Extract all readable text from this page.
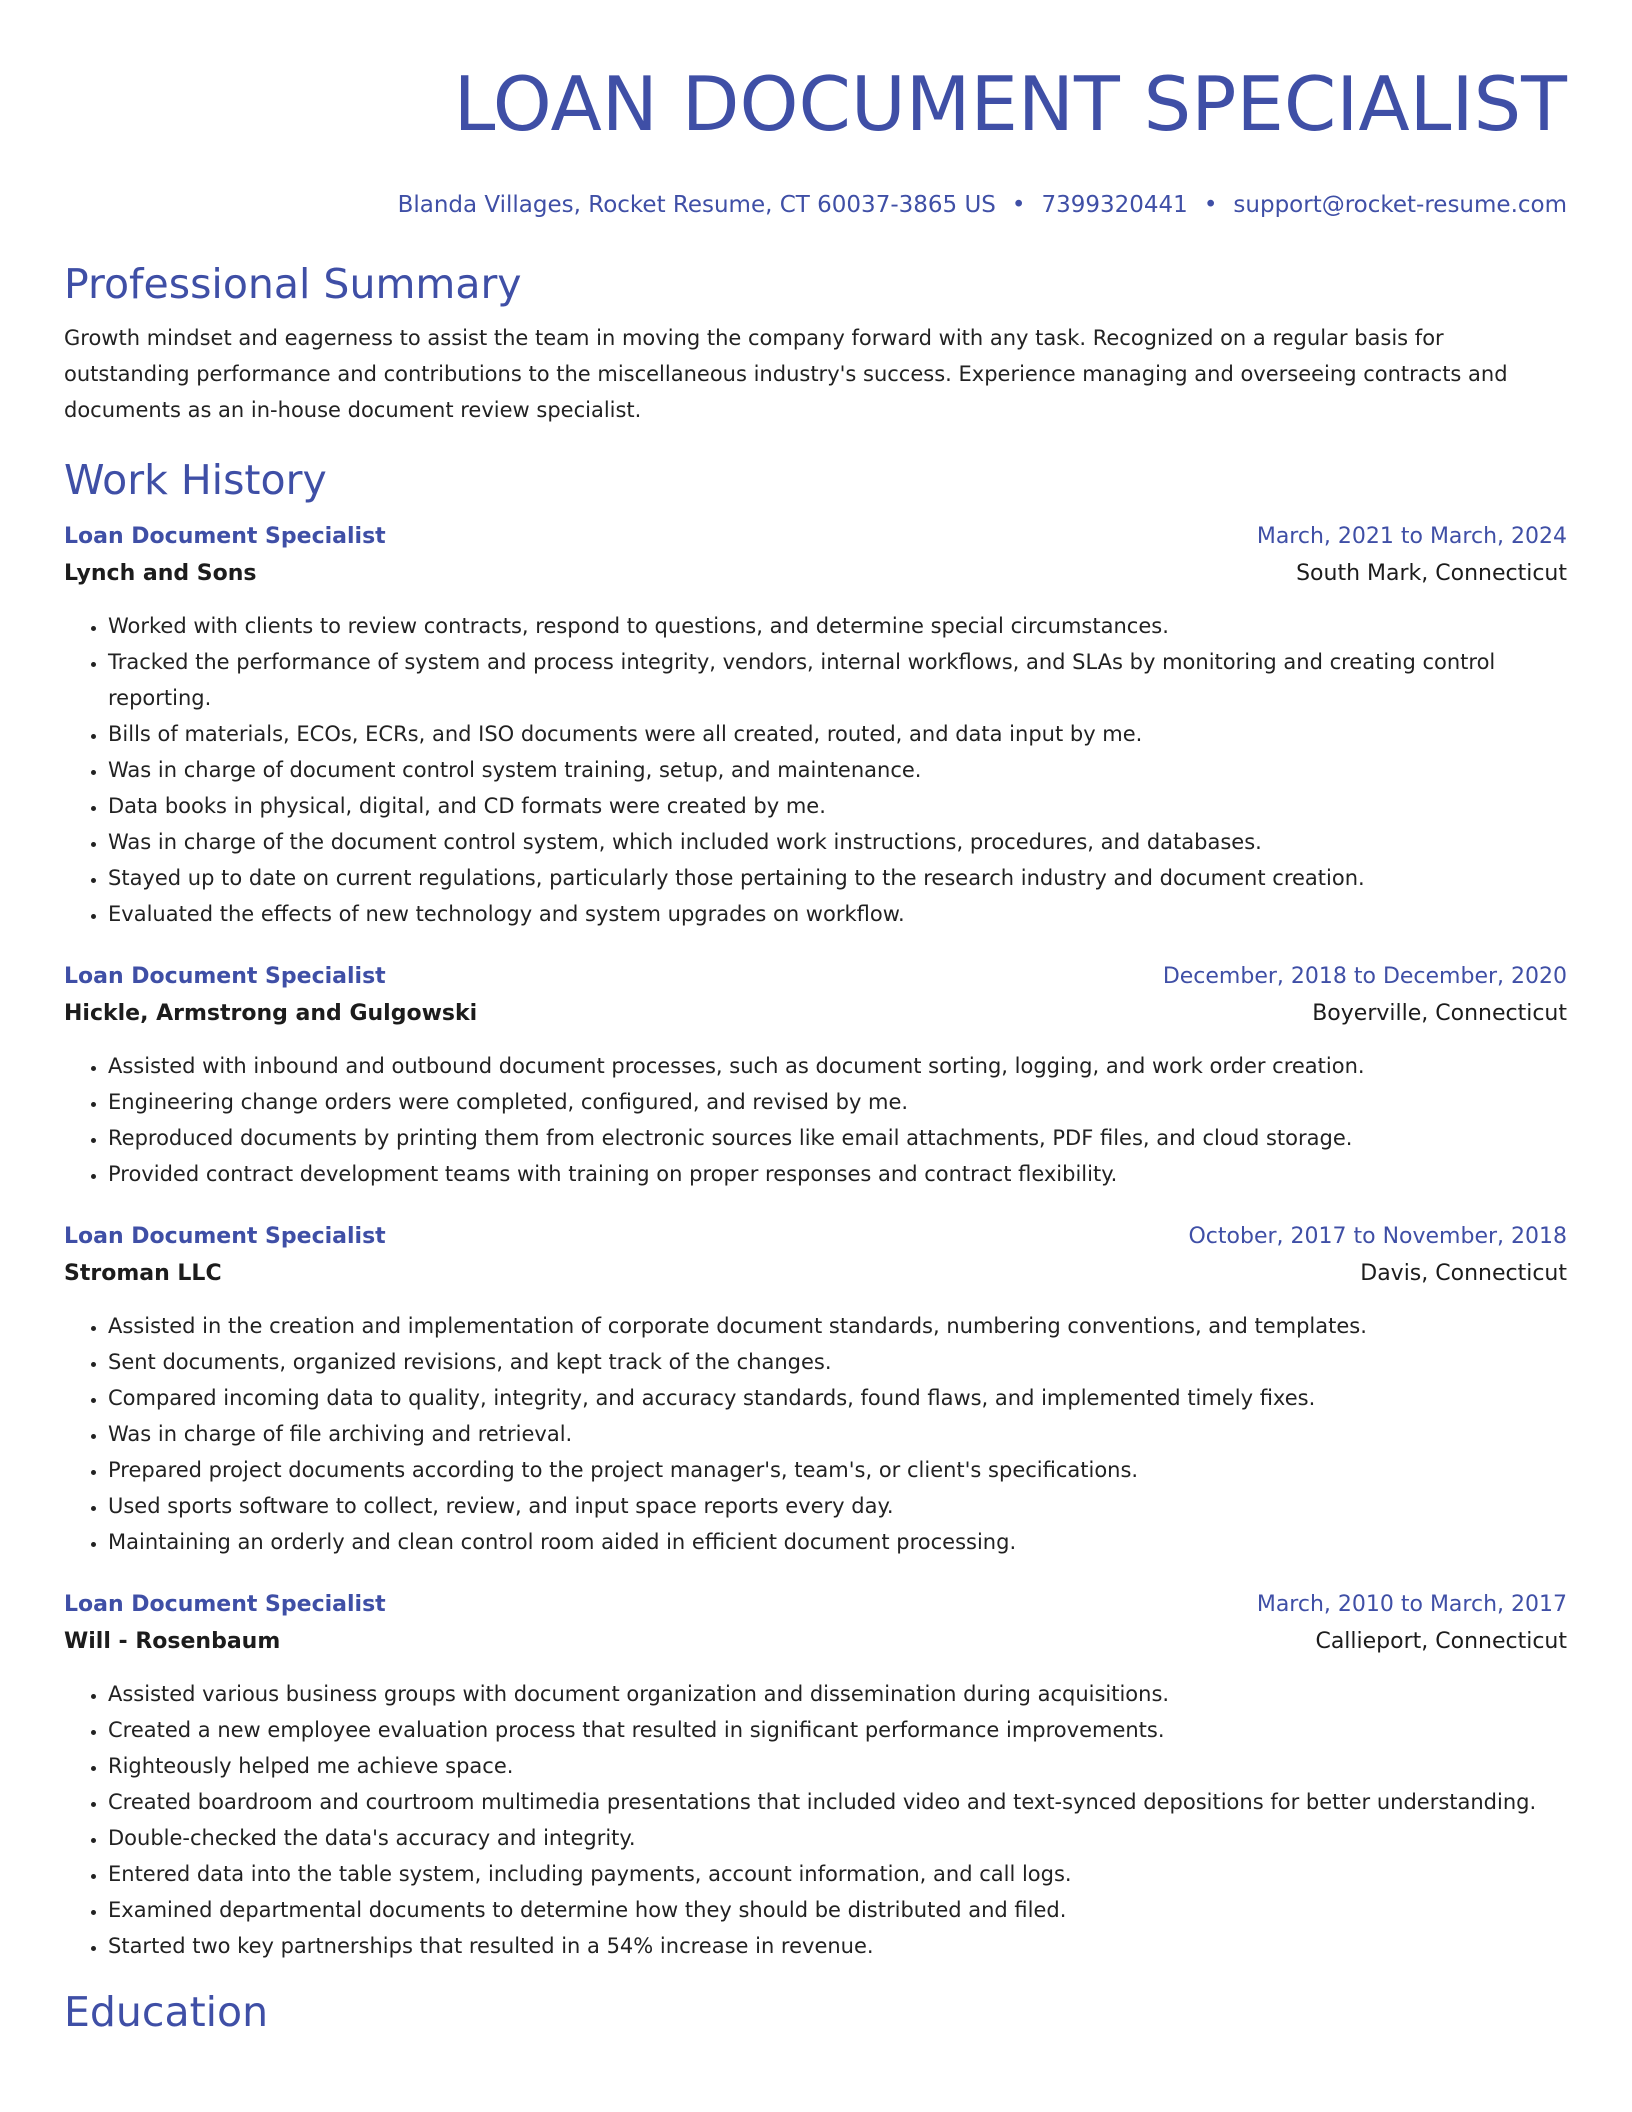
LOAN DOCUMENT SPECIALIST
Blanda Villages, Rocket Resume, CT 60037-3865 US • 7399320441 • support@rocket-resume.com
Professional Summary
Growth mindset and eagerness to assist the team in moving the company forward with any task. Recognized on a regular basis for outstanding performance and contributions to the miscellaneous industry's success. Experience managing and overseeing contracts and documents as an in-house document review specialist.
Work History
Loan Document Specialist	March, 2021 to March, 2024
Lynch and Sons	South Mark, Connecticut
• Worked with clients to review contracts, respond to questions, and determine special circumstances.
• Tracked the performance of system and process integrity, vendors, internal workflows, and SLAs by monitoring and creating control reporting.
• Bills of materials, ECOs, ECRs, and ISO documents were all created, routed, and data input by me.
• Was in charge of document control system training, setup, and maintenance.
• Data books in physical, digital, and CD formats were created by me.
• Was in charge of the document control system, which included work instructions, procedures, and databases.
• Stayed up to date on current regulations, particularly those pertaining to the research industry and document creation.
• Evaluated the effects of new technology and system upgrades on workflow.
Loan Document Specialist	December, 2018 to December, 2020
Hickle, Armstrong and Gulgowski	Boyerville, Connecticut
• Assisted with inbound and outbound document processes, such as document sorting, logging, and work order creation.
• Engineering change orders were completed, configured, and revised by me.
• Reproduced documents by printing them from electronic sources like email attachments, PDF files, and cloud storage.
• Provided contract development teams with training on proper responses and contract flexibility.
Loan Document Specialist	October, 2017 to November, 2018
Stroman LLC	Davis, Connecticut
• Assisted in the creation and implementation of corporate document standards, numbering conventions, and templates.
• Sent documents, organized revisions, and kept track of the changes.
• Compared incoming data to quality, integrity, and accuracy standards, found flaws, and implemented timely fixes.
• Was in charge of file archiving and retrieval.
• Prepared project documents according to the project manager's, team's, or client's specifications.
• Used sports software to collect, review, and input space reports every day.
• Maintaining an orderly and clean control room aided in efficient document processing.
Loan Document Specialist	March, 2010 to March, 2017
Will - Rosenbaum	Callieport, Connecticut
• Assisted various business groups with document organization and dissemination during acquisitions.
• Created a new employee evaluation process that resulted in significant performance improvements.
• Righteously helped me achieve space.
• Created boardroom and courtroom multimedia presentations that included video and text-synced depositions for better understanding.
• Double-checked the data's accuracy and integrity.
• Entered data into the table system, including payments, account information, and call logs.
• Examined departmental documents to determine how they should be distributed and filed.
• Started two key partnerships that resulted in a 54% increase in revenue.
Education
